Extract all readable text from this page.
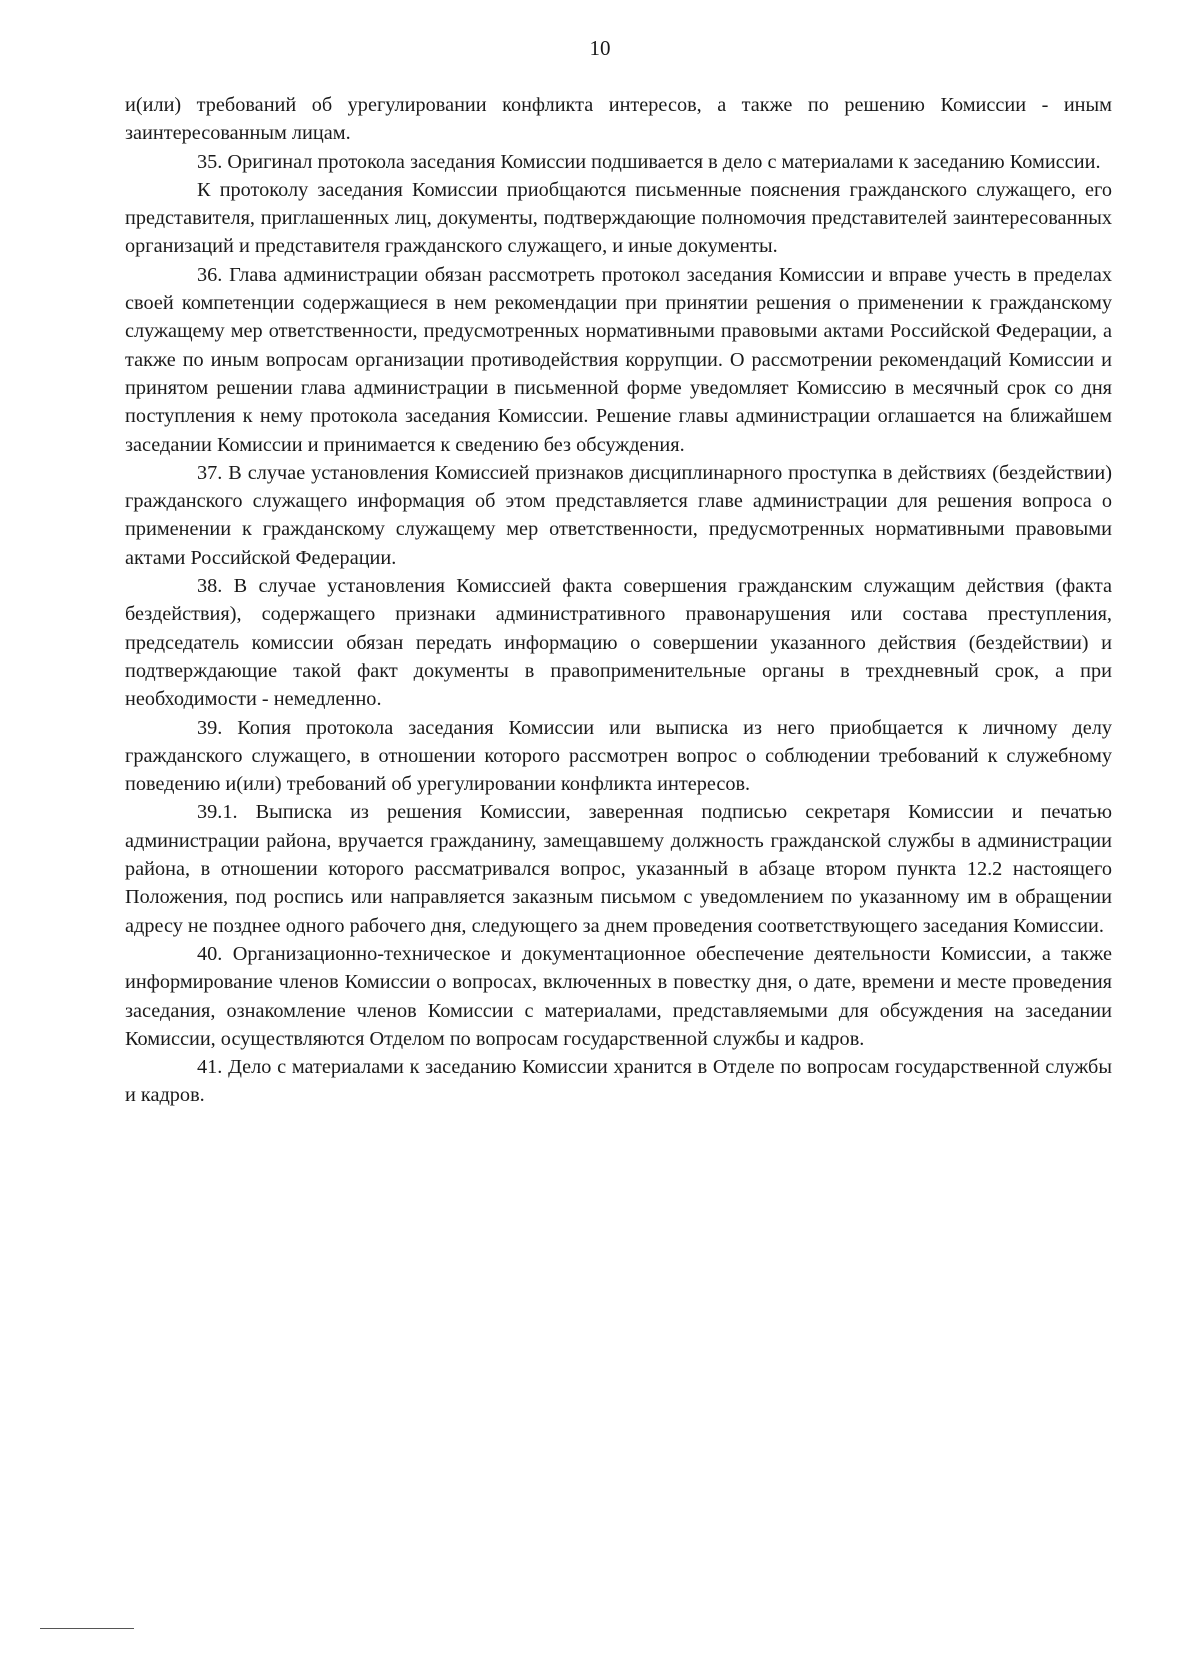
10

и(или) требований об урегулировании конфликта интересов, а также по решению Комиссии - иным заинтересованным лицам.

35. Оригинал протокола заседания Комиссии подшивается в дело с материалами к заседанию Комиссии.

К протоколу заседания Комиссии приобщаются письменные пояснения гражданского служащего, его представителя, приглашенных лиц, документы, подтверждающие полномочия представителей заинтересованных организаций и представителя гражданского служащего, и иные документы.

36. Глава администрации обязан рассмотреть протокол заседания Комиссии и вправе учесть в пределах своей компетенции содержащиеся в нем рекомендации при принятии решения о применении к гражданскому служащему мер ответственности, предусмотренных нормативными правовыми актами Российской Федерации, а также по иным вопросам организации противодействия коррупции. О рассмотрении рекомендаций Комиссии и принятом решении глава администрации в письменной форме уведомляет Комиссию в месячный срок со дня поступления к нему протокола заседания Комиссии. Решение главы администрации оглашается на ближайшем заседании Комиссии и принимается к сведению без обсуждения.

37. В случае установления Комиссией признаков дисциплинарного проступка в действиях (бездействии) гражданского служащего информация об этом представляется главе администрации для решения вопроса о применении к гражданскому служащему мер ответственности, предусмотренных нормативными правовыми актами Российской Федерации.

38. В случае установления Комиссией факта совершения гражданским служащим действия (факта бездействия), содержащего признаки административного правонарушения или состава преступления, председатель комиссии обязан передать информацию о совершении указанного действия (бездействии) и подтверждающие такой факт документы в правоприменительные органы в трехдневный срок, а при необходимости - немедленно.

39. Копия протокола заседания Комиссии или выписка из него приобщается к личному делу гражданского служащего, в отношении которого рассмотрен вопрос о соблюдении требований к служебному поведению и(или) требований об урегулировании конфликта интересов.

39.1. Выписка из решения Комиссии, заверенная подписью секретаря Комиссии и печатью администрации района, вручается гражданину, замещавшему должность гражданской службы в администрации района, в отношении которого рассматривался вопрос, указанный в абзаце втором пункта 12.2 настоящего Положения, под роспись или направляется заказным письмом с уведомлением по указанному им в обращении адресу не позднее одного рабочего дня, следующего за днем проведения соответствующего заседания Комиссии.

40. Организационно-техническое и документационное обеспечение деятельности Комиссии, а также информирование членов Комиссии о вопросах, включенных в повестку дня, о дате, времени и месте проведения заседания, ознакомление членов Комиссии с материалами, представляемыми для обсуждения на заседании Комиссии, осуществляются Отделом по вопросам государственной службы и кадров.

41. Дело с материалами к заседанию Комиссии хранится в Отделе по вопросам государственной службы и кадров.
